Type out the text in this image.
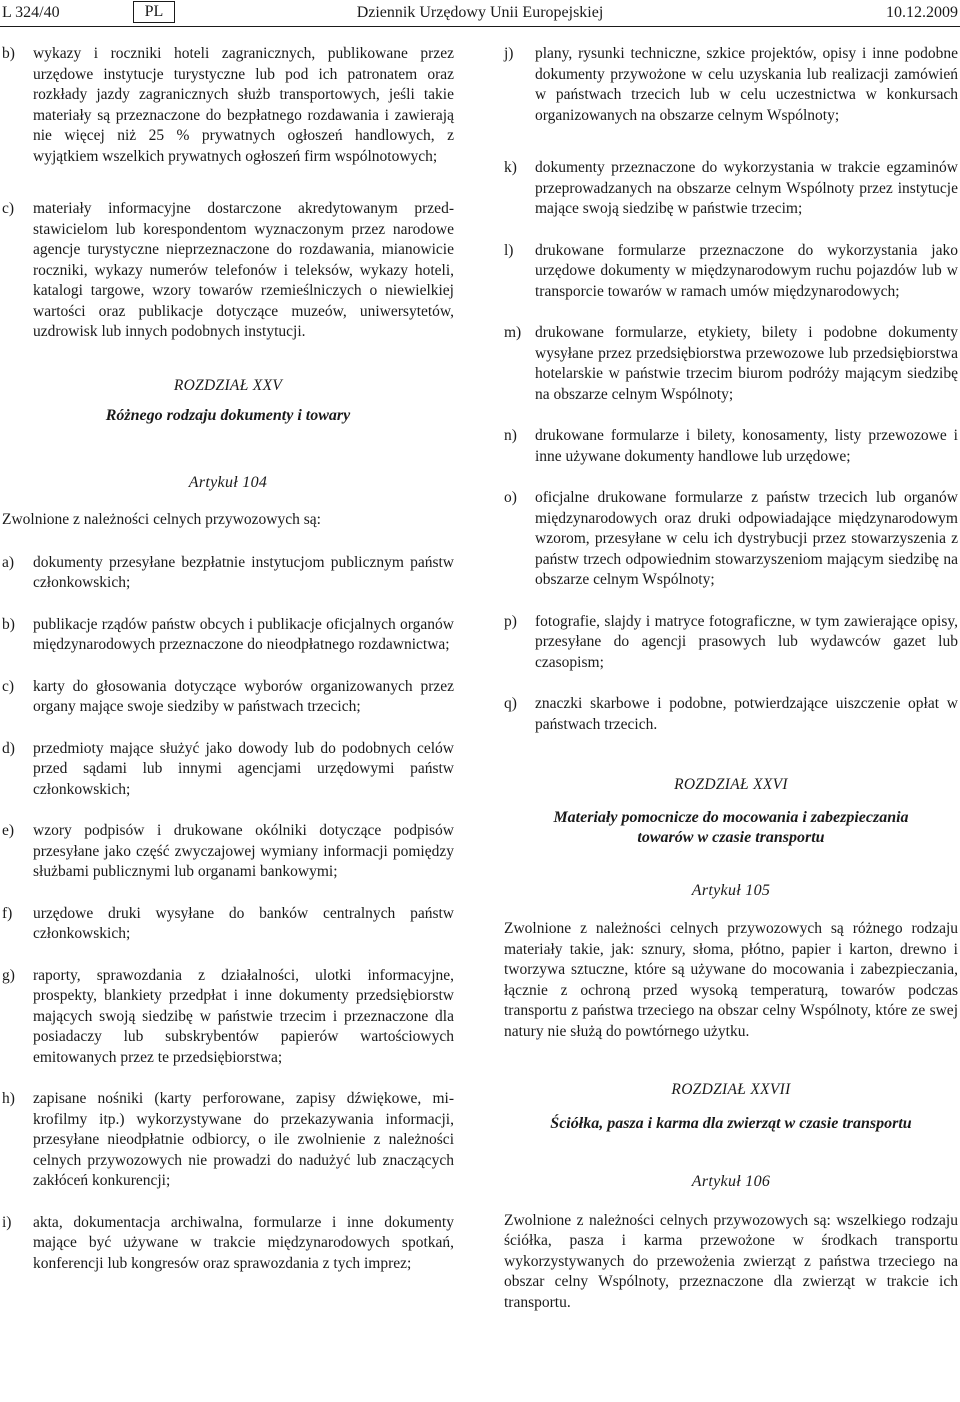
L 324/40	Dziennik Urzędowy Unii Europejskiej
PL	10.12.2009
b)	wykazy i roczniki hoteli zagranicznych, publikowane przez urzędowe instytucje turystyczne lub pod ich patronatem oraz rozkłady jazdy zagranicznych służb transportowych, jeśli takie materiały są przeznaczone do bezpłatnego rozdawania i zawierają nie więcej niż 25 % prywatnych ogłoszeń handlowych, z wyjątkiem wszelkich prywatnych ogłoszeń firm wspólnotowych;
c)	materiały informacyjne dostarczone akredytowanym przedstawicielom lub korespondentom wyznaczonym przez narodowe agencje turystyczne nieprzeznaczone do rozdawania, mianowicie roczniki, wykazy numerów telefonów i teleksów, wykazy hoteli, katalogi targowe, wzory towarów rzemieślniczych o niewielkiej wartości oraz publikacje dotyczące muzeów, uniwersytetów, uzdrowisk lub innych podobnych instytucji.
ROZDZIAŁ XXV
Różnego rodzaju dokumenty i towary
Artykuł 104
Zwolnione z należności celnych przywozowych są:
a)	dokumenty przesyłane bezpłatnie instytucjom publicznym państw członkowskich;
b)	publikacje rządów państw obcych i publikacje oficjalnych organów międzynarodowych przeznaczone do nieodpłatnego rozdawnictwa;
c)	karty do głosowania dotyczące wyborów organizowanych przez organy mające swoje siedziby w państwach trzecich;
d)	przedmioty mające służyć jako dowody lub do podobnych celów przed sądami lub innymi agencjami urzędowymi państw członkowskich;
e)	wzory podpisów i drukowane okólniki dotyczące podpisów przesyłane jako część zwyczajowej wymiany informacji pomiędzy służbami publicznymi lub organami bankowymi;
f)	urzędowe druki wysyłane do banków centralnych państw członkowskich;
g)	raporty, sprawozdania z działalności, ulotki informacyjne, prospekty, blankiety przedpłat i inne dokumenty przedsiębiorstw mających swoją siedzibę w państwie trzecim i przeznaczone dla posiadaczy lub subskrybentów papierów wartościowych emitowanych przez te przedsiębiorstwa;
h)	zapisane nośniki (karty perforowane, zapisy dźwiękowe, mikrofilmy itp.) wykorzystywane do przekazywania informacji, przesyłane nieodpłatnie odbiorcy, o ile zwolnienie z należności celnych przywozowych nie prowadzi do nadużyć lub znaczących zakłóceń konkurencji;
i)	akta, dokumentacja archiwalna, formularze i inne dokumenty mające być używane w trakcie międzynarodowych spotkań, konferencji lub kongresów oraz sprawozdania z tych imprez;
j)	plany, rysunki techniczne, szkice projektów, opisy i inne podobne dokumenty przywożone w celu uzyskania lub realizacji zamówień w państwach trzecich lub w celu uczestnictwa w konkursach organizowanych na obszarze celnym Wspólnoty;
k)	dokumenty przeznaczone do wykorzystania w trakcie egzaminów przeprowadzanych na obszarze celnym Wspólnoty przez instytucje mające swoją siedzibę w państwie trzecim;
l)	drukowane formularze przeznaczone do wykorzystania jako urzędowe dokumenty w międzynarodowym ruchu pojazdów lub w transporcie towarów w ramach umów międzynarodowych;
m) drukowane formularze, etykiety, bilety i podobne dokumenty wysyłane przez przedsiębiorstwa przewozowe lub przedsiębiorstwa hotelarskie w państwie trzecim biurom podróży mającym siedzibę na obszarze celnym Wspólnoty;
n)	drukowane formularze i bilety, konosamenty, listy przewozowe i inne używane dokumenty handlowe lub urzędowe;
o)	oficjalne drukowane formularze z państw trzecich lub organów międzynarodowych oraz druki odpowiadające międzynarodowym wzorom, przesyłane w celu ich dystrybucji przez stowarzyszenia z państw trzech odpowiednim stowarzyszeniom mającym siedzibę na obszarze celnym Wspólnoty;
p)	fotografie, slajdy i matryce fotograficzne, w tym zawierające opisy, przesyłane do agencji prasowych lub wydawców gazet lub czasopism;
q)	znaczki skarbowe i podobne, potwierdzające uiszczenie opłat w państwach trzecich.
ROZDZIAŁ XXVI
Materiały pomocnicze do mocowania i zabezpieczania
towarów w czasie transportu
Artykuł 105
Zwolnione z należności celnych przywozowych są różnego rodzaju materiały takie, jak: sznury, słoma, płótno, papier i karton, drewno i tworzywa sztuczne, które są używane do mocowania i zabezpieczania, łącznie z ochroną przed wysoką temperaturą, towarów podczas transportu z państwa trzeciego na obszar celny Wspólnoty, które ze swej natury nie służą do powtórnego użytku.
ROZDZIAŁ XXVII
Ściółka, pasza i karma dla zwierząt w czasie transportu
Artykuł 106
Zwolnione z należności celnych przywozowych są: wszelkiego rodzaju ściółka, pasza i karma przewożone w środkach transportu wykorzystywanych do przewożenia zwierząt z państwa trzeciego na obszar celny Wspólnoty, przeznaczone dla zwierząt w trakcie ich transportu.
